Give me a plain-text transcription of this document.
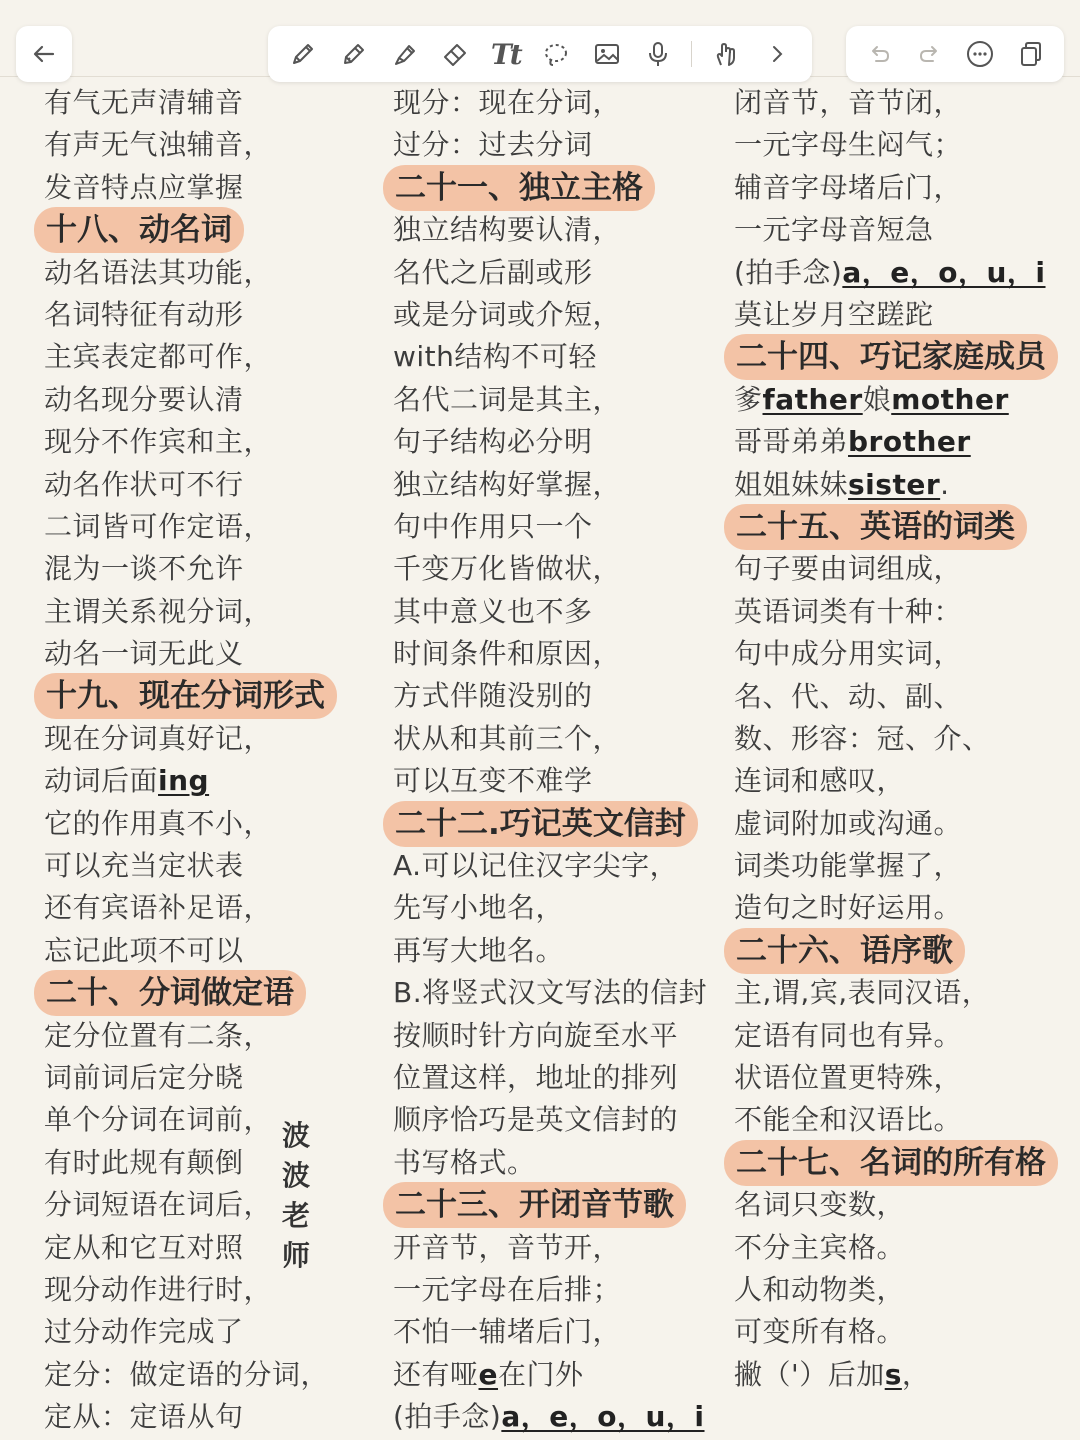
Tt
有气无声清辅音
有声无气浊辅音，
发音特点应掌握
十八、动名词
动名语法其功能，
名词特征有动形
主宾表定都可作，
动名现分要认清
现分不作宾和主，
动名作状可不行
二词皆可作定语，
混为一谈不允许
主谓关系视分词，
动名一词无此义
十九、现在分词形式
现在分词真好记，
动词后面ing
它的作用真不小，
可以充当定状表
还有宾语补足语，
忘记此项不可以
二十、分词做定语
定分位置有二条，
词前词后定分晓
单个分词在词前，
有时此规有颠倒
分词短语在词后，
定从和它互对照
现分动作进行时，
过分动作完成了
定分：做定语的分词，
定从：定语从句
现分：现在分词，
过分：过去分词
二十一、独立主格
独立结构要认清，
名代之后副或形
或是分词或介短，
with结构不可轻
名代二词是其主，
句子结构必分明
独立结构好掌握，
句中作用只一个
千变万化皆做状，
其中意义也不多
时间条件和原因，
方式伴随没别的
状从和其前三个，
可以互变不难学
二十二.巧记英文信封
A.可以记住汉字尖字，
先写小地名，
再写大地名。
B.将竖式汉文写法的信封
按顺时针方向旋至水平
位置这样，地址的排列
顺序恰巧是英文信封的
书写格式。
二十三、开闭音节歌
开音节，音节开，
一元字母在后排；
不怕一辅堵后门，
还有哑e在门外
(拍手念)a，e，o，u，i
闭音节，音节闭，
一元字母生闷气；
辅音字母堵后门，
一元字母音短急
(拍手念)a，e，o，u，i
莫让岁月空蹉跎
二十四、巧记家庭成员
爹father娘mother
哥哥弟弟brother
姐姐妹妹sister.
二十五、英语的词类
句子要由词组成，
英语词类有十种：
句中成分用实词，
名、代、动、副、
数、形容：冠、介、
连词和感叹，
虚词附加或沟通。
词类功能掌握了，
造句之时好运用。
二十六、语序歌
主,谓,宾,表同汉语，
定语有同也有异。
状语位置更特殊，
不能全和汉语比。
二十七、名词的所有格
名词只变数，
不分主宾格。
人和动物类，
可变所有格。
撇（'）后加s，
波
波
老
师
